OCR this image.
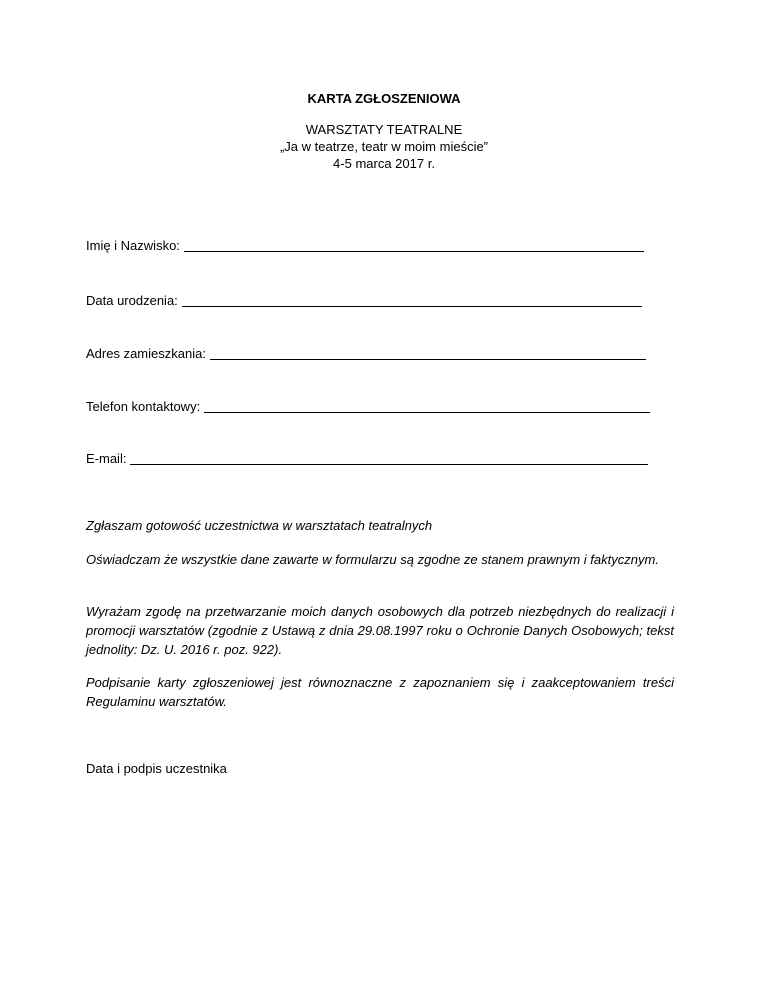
KARTA ZGŁOSZENIOWA

WARSZTATY TEATRALNE
„Ja w teatrze, teatr w moim mieście”
4-5 marca 2017 r.
Imię i Nazwisko:
Data urodzenia:
Adres zamieszkania:
Telefon kontaktowy:
E-mail:

Zgłaszam gotowość uczestnictwa w warsztatach teatralnych

Oświadczam że wszystkie dane zawarte w formularzu są zgodne ze stanem prawnym i faktycznym.

Wyrażam zgodę na przetwarzanie moich danych osobowych dla potrzeb niezbędnych do realizacji i promocji warsztatów (zgodnie z Ustawą z dnia 29.08.1997 roku o Ochronie Danych Osobowych; tekst jednolity: Dz. U. 2016 r. poz. 922).

Podpisanie karty zgłoszeniowej jest równoznaczne z zapoznaniem się i zaakceptowaniem treści Regulaminu warsztatów.

Data i podpis uczestnika
